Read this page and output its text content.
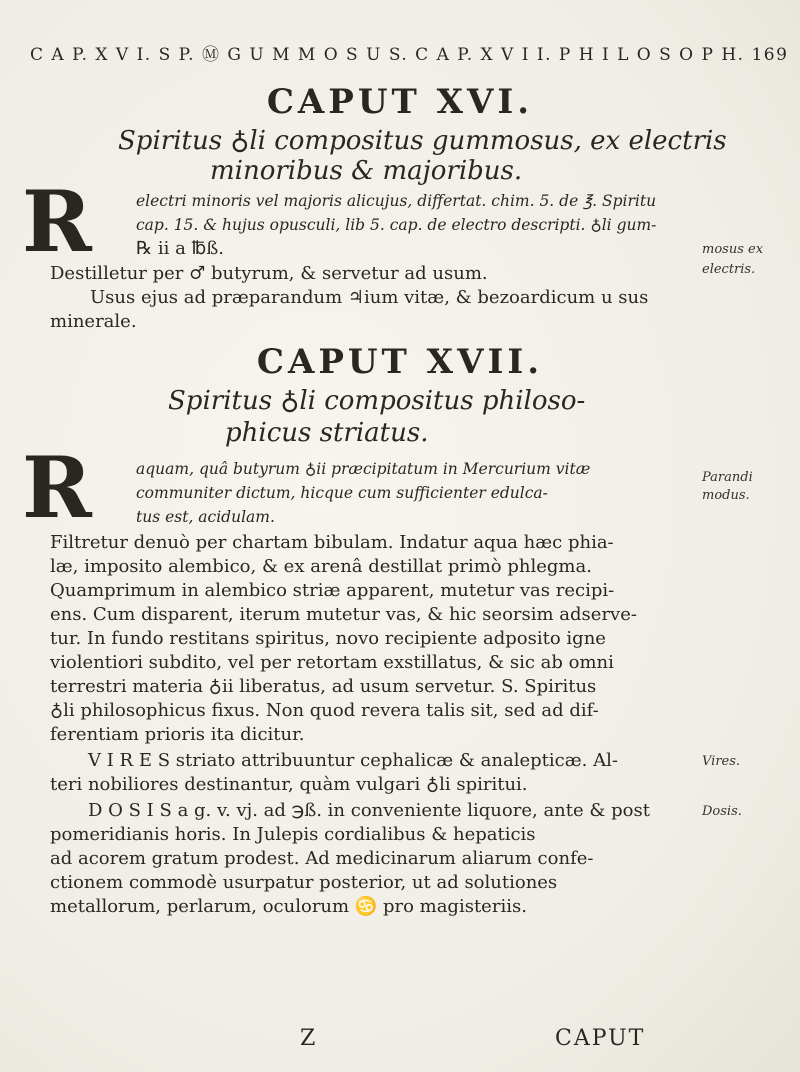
C A P. X V I. S P. Ⓜ G U M M O S U S. C A P. X V I I. P H I L O S O P H. 169
CAPUT XVI.
Spiritus ♁li compositus gummosus, ex electris
minoribus & majoribus.
R	electri minoris vel majoris alicujus, differtat. chim. 5. de ℥. Spiritu
cap. 15. & hujus opusculi, lib 5. cap. de electro descripti. ♁li gum-
℞ ii a ℔ß.
Destilletur per ♂ butyrum, & servetur ad usum.
Usus ejus ad præparandum ♃ium vitæ, & bezoardicum u sus
minerale.
mosus ex
electris.
CAPUT XVII.
Spiritus ♁li compositus philoso-
phicus striatus.
R	aquam, quâ butyrum ♁ii præcipitatum in Mercurium vitæ
communiter dictum, hicque cum sufficienter edulca-
tus est, acidulam.
Filtretur denuò per chartam bibulam. Indatur aqua hæc phia-
læ, imposito alembico, & ex arenâ destillat primò phlegma.
Quamprimum in alembico striæ apparent, mutetur vas recipi-
ens. Cum disparent, iterum mutetur vas, & hic seorsim adserve-
tur. In fundo restitans spiritus, novo recipiente adposito igne
violentiori subdito, vel per retortam exstillatus, & sic ab omni
terrestri materia ♁ii liberatus, ad usum servetur. S. Spiritus
♁li philosophicus fixus. Non quod revera talis sit, sed ad dif-
ferentiam prioris ita dicitur.
V I R E S striato attribuuntur cephalicæ & analepticæ. Al-
teri nobiliores destinantur, quàm vulgari ♁li spiritui.
D O S I S a g. v. vj. ad ℈ß. in conveniente liquore, ante & post
pomeridianis horis. In Julepis cordialibus & hepaticis
ad acorem gratum prodest. Ad medicinarum aliarum confe-
ctionem commodè usurpatur posterior, ut ad solutiones
metallorum, perlarum, oculorum ♋ pro magisteriis.
Parandi
modus.
Vires.
Dosis.
Z	CAPUT
